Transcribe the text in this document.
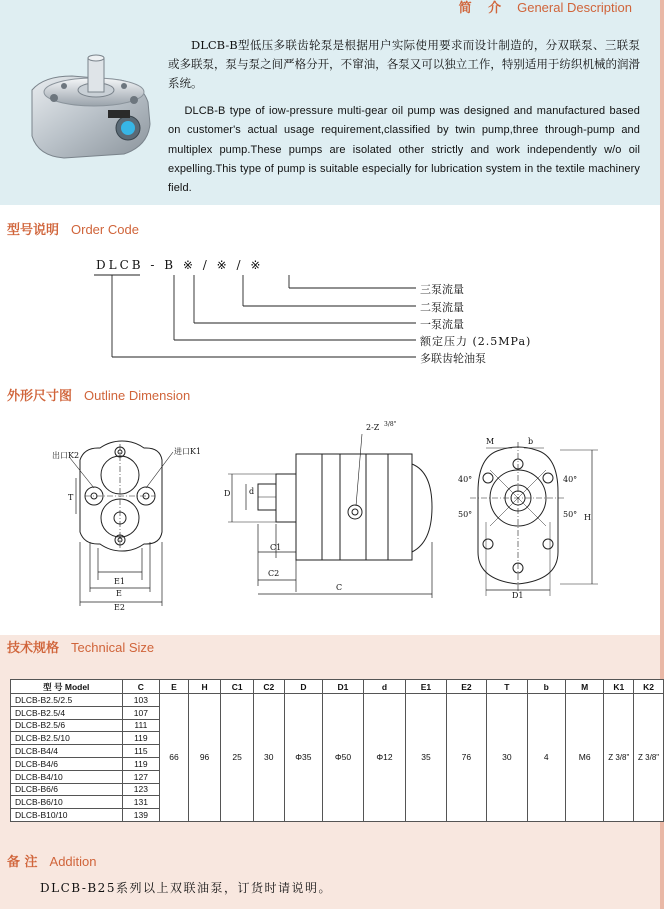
简 介 General Description
DLCB-B型低压多联齿轮泵是根据用户实际使用要求而设计制造的，分双联泵、三联泵或多联泵，泵与泵之间严格分开，不窜油，各泵又可以独立工作，特别适用于纺织机械的润滑系统。
DLCB-B type of iow-pressure multi-gear oil pump was designed and manufactured based on customer's actual usage requirement,classified by twin pump,three through-pump and multiplex pump.These pumps are isolated other strictly and work independently w/o oil expelling.This type of pump is suitable especially for lubrication system in the textile machinery field.
型号说明 Order Code
DLCB - B ※ / ※ / ※
三泵流量
二泵流量
一泵流量
额定压力 (2.5MPa)
多联齿轮油泵
外形尺寸图 Outline Dimension
出口K2	进口K1
T
E1
E
E2
2-Z 3/8"
d
D
C1
C2
C
M	b
40°	40°
50°	50° H
D1
技术规格 Technical Size
型 号 Model	C	E	H	C1	C2	D	D1	d	E1	E2	T	b	M	K1	K2
DLCB-B2.5/2.5	103	66	96	25	30	Φ35	Φ50	Φ12	35	76	30	4	M6	Z 3/8"	Z 3/8"
DLCB-B2.5/4	107														
DLCB-B2.5/6	111														
DLCB-B2.5/10	119														
DLCB-B4/4	115														
DLCB-B4/6	119														
DLCB-B4/10	127														
DLCB-B6/6	123														
DLCB-B6/10	131														
DLCB-B10/10	139														
备 注 Addition
DLCB-B25系列以上双联油泵，订货时请说明。
